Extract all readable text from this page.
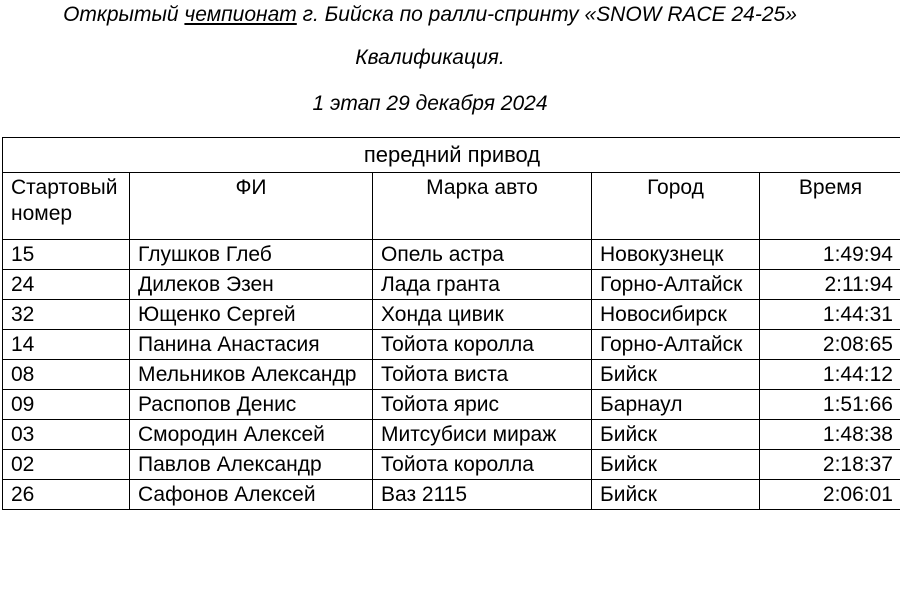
Открытый чемпионат г. Бийска по ралли-спринту «SNOW RACE 24-25»
Квалификация.
1 этап 29 декабря 2024
передний привод				
Стартовый номер	ФИ	Марка авто	Город	Время
15	Глушков Глеб	Опель астра	Новокузнецк	1:49:94
24	Дилеков Эзен	Лада гранта	Горно-Алтайск	2:11:94
32	Ющенко Сергей	Хонда цивик	Новосибирск	1:44:31
14	Панина Анастасия	Тойота королла	Горно-Алтайск	2:08:65
08	Мельников Александр	Тойота виста	Бийск	1:44:12
09	Распопов Денис	Тойота ярис	Барнаул	1:51:66
03	Смородин Алексей	Митсубиси мираж	Бийск	1:48:38
02	Павлов Александр	Тойота королла	Бийск	2:18:37
26	Сафонов Алексей	Ваз 2115	Бийск	2:06:01
